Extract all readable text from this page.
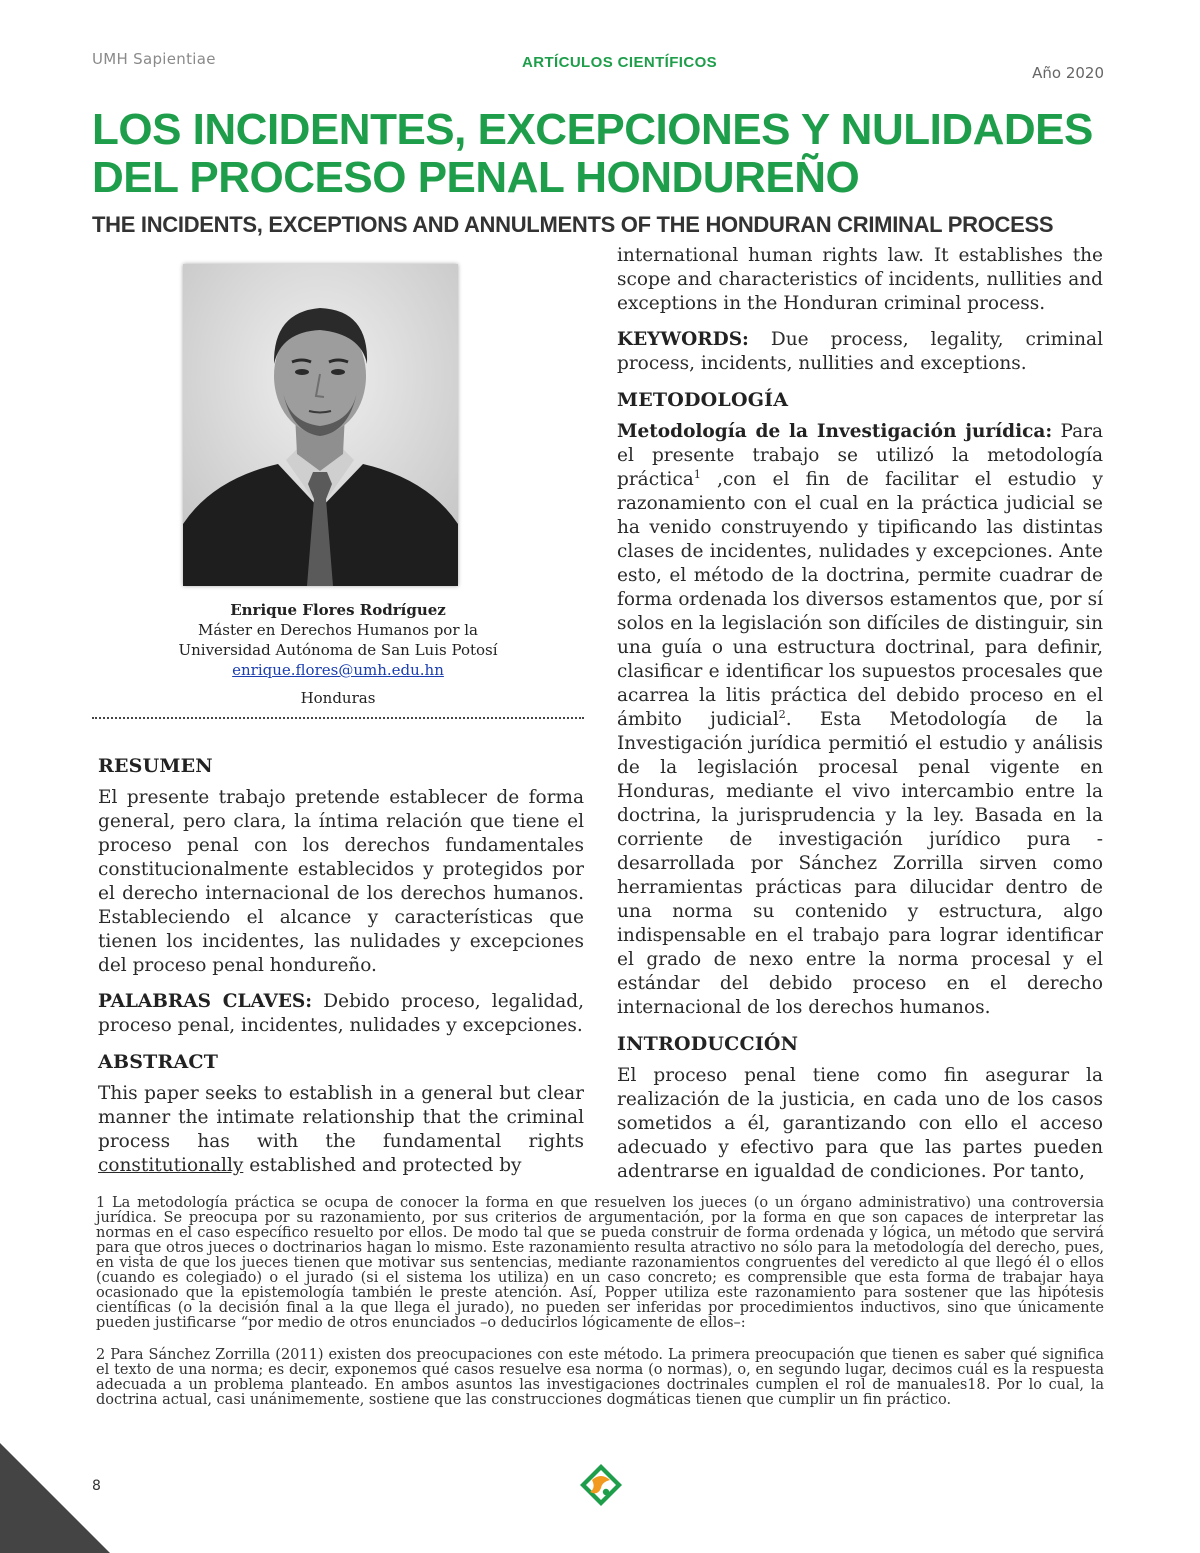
UMH Sapientiae	ARTÍCULOS CIENTÍFICOS
Año 2020
LOS INCIDENTES, EXCEPCIONES Y NULIDADES DEL PROCESO PENAL HONDUREÑO
THE INCIDENTS, EXCEPTIONS AND ANNULMENTS OF THE HONDURAN CRIMINAL PROCESS
Enrique Flores Rodríguez
Máster en Derechos Humanos por la
Universidad Autónoma de San Luis Potosí
enrique.flores@umh.edu.hn
Honduras
RESUMEN

El presente trabajo pretende establecer de forma general, pero clara, la íntima relación que tiene el proceso penal con los derechos fundamentales constitucionalmente establecidos y protegidos por el derecho internacional de los derechos humanos. Estableciendo el alcance y características que tienen los incidentes, las nulidades y excepciones del proceso penal hondureño.

PALABRAS CLAVES: Debido proceso, legalidad, proceso penal, incidentes, nulidades y excepciones.

ABSTRACT

This paper seeks to establish in a general but clear manner the intimate relationship that the criminal process has with the fundamental rights constitutionally established and protected by

international human rights law. It establishes the scope and characteristics of incidents, nullities and exceptions in the Honduran criminal process.

KEYWORDS: Due process, legality, criminal process, incidents, nullities and exceptions.

METODOLOGÍA

Metodología de la Investigación jurídica: Para el presente trabajo se utilizó la metodología práctica$^1$ ,con el fin de facilitar el estudio y razonamiento con el cual en la práctica judicial se ha venido construyendo y tipificando las distintas clases de incidentes, nulidades y excepciones. Ante esto, el método de la doctrina, permite cuadrar de forma ordenada los diversos estamentos que, por sí solos en la legislación son difíciles de distinguir, sin una guía o una estructura doctrinal, para definir, clasificar e identificar los supuestos procesales que acarrea la litis práctica del debido proceso en el ámbito judicial$^2$. Esta Metodología de la Investigación jurídica permitió el estudio y análisis de la legislación procesal penal vigente en Honduras, mediante el vivo intercambio entre la doctrina, la jurisprudencia y la ley. Basada en la corriente de investigación jurídico pura -desarrollada por Sánchez Zorrilla sirven como herramientas prácticas para dilucidar dentro de una norma su contenido y estructura, algo indispensable en el trabajo para lograr identificar el grado de nexo entre la norma procesal y el estándar del debido proceso en el derecho internacional de los derechos humanos.

INTRODUCCIÓN

El proceso penal tiene como fin asegurar la realización de la justicia, en cada uno de los casos sometidos a él, garantizando con ello el acceso adecuado y efectivo para que las partes pueden adentrarse en igualdad de condiciones. Por tanto,

1 La metodología práctica se ocupa de conocer la forma en que resuelven los jueces (o un órgano administrativo) una controversia jurídica. Se preocupa por su razonamiento, por sus criterios de argumentación, por la forma en que son capaces de interpretar las normas en el caso específico resuelto por ellos. De modo tal que se pueda construir de forma ordenada y lógica, un método que servirá para que otros jueces o doctrinarios hagan lo mismo. Este razonamiento resulta atractivo no sólo para la metodología del derecho, pues, en vista de que los jueces tienen que motivar sus sentencias, mediante razonamientos congruentes del veredicto al que llegó él o ellos (cuando es colegiado) o el jurado (si el sistema los utiliza) en un caso concreto; es comprensible que esta forma de trabajar haya ocasionado que la epistemología también le preste atención. Así, Popper utiliza este razonamiento para sostener que las hipótesis científicas (o la decisión final a la que llega el jurado), no pueden ser inferidas por procedimientos inductivos, sino que únicamente pueden justificarse “por medio de otros enunciados –o deducirlos lógicamente de ellos–:
2 Para Sánchez Zorrilla (2011) existen dos preocupaciones con este método. La primera preocupación que tienen es saber qué significa el texto de una norma; es decir, exponemos qué casos resuelve esa norma (o normas), o, en segundo lugar, decimos cuál es la respuesta adecuada a un problema planteado. En ambos asuntos las investigaciones doctrinales cumplen el rol de manuales18. Por lo cual, la doctrina actual, casi unánimemente, sostiene que las construcciones dogmáticas tienen que cumplir un fin práctico.
8
